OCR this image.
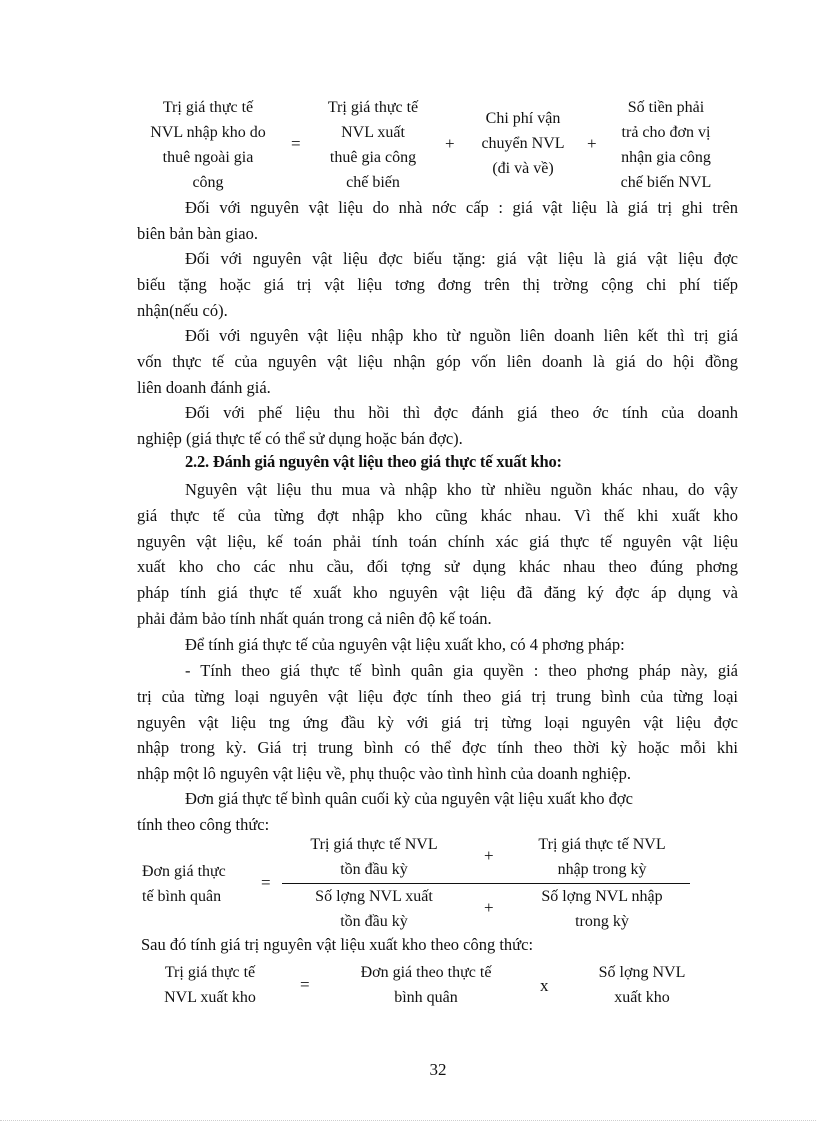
Trị giá thực tế
NVL nhập kho do
thuê ngoài gia
công
=
Trị giá thực tế
NVL xuất
thuê gia công
chế biến
+
Chi phí vận
chuyển NVL
(đi và về)
+
Số tiền phải
trả cho đơn vị
nhận gia công
chế biến NVL
Đối với nguyên vật liệu do nhà nớc cấp : giá vật liệu là giá trị ghi trên
biên bản bàn giao.
Đối với nguyên vật liệu đợc biếu tặng: giá vật liệu là giá vật liệu đợc
biếu tặng hoặc giá trị vật liệu tơng đơng trên thị trờng cộng chi phí tiếp
nhận(nếu có).
Đối với nguyên vật liệu nhập kho từ nguồn liên doanh liên kết thì trị giá
vốn thực tế của nguyên vật liệu nhận góp vốn liên doanh là giá do hội đồng
liên doanh đánh giá.
Đối với phế liệu thu hồi thì đợc đánh giá theo ớc tính của doanh
nghiệp (giá thực tế có thể sử dụng hoặc bán đợc).
2.2. Đánh giá nguyên vật liệu theo giá thực tế xuất kho:
Nguyên vật liệu thu mua và nhập kho từ nhiều nguồn khác nhau, do vậy
giá thực tế của từng đợt nhập kho cũng khác nhau. Vì thế khi xuất kho
nguyên vật liệu, kế toán phải tính toán chính xác giá thực tế nguyên vật liệu
xuất kho cho các nhu cầu, đối tợng sử dụng khác nhau theo đúng phơng
pháp tính giá thực tế xuất kho nguyên vật liệu đã đăng ký đợc áp dụng và
phải đảm bảo tính nhất quán trong cả niên độ kế toán.
Để tính giá thực tế của nguyên vật liệu xuất kho, có 4 phơng pháp:
- Tính theo giá thực tế bình quân gia quyền : theo phơng pháp này, giá
trị của từng loại nguyên vật liệu đợc tính theo giá trị trung bình của từng loại
nguyên vật liệu tng ứng đầu kỳ với giá trị từng loại nguyên vật liệu đợc
nhập trong kỳ. Giá trị trung bình có thể đợc tính theo thời kỳ hoặc mỗi khi
nhập một lô nguyên vật liệu về, phụ thuộc vào tình hình của doanh nghiệp.
Đơn giá thực tế bình quân cuối kỳ của nguyên vật liệu xuất kho đợc
tính theo công thức:
Đơn giá thực
tế bình quân
=
Trị giá thực tế NVL
tồn đầu kỳ
+
Trị giá thực tế NVL
nhập trong kỳ
Số lợng NVL xuất
tồn đầu kỳ
+
Số lợng NVL nhập
trong kỳ
Sau đó tính giá trị nguyên vật liệu xuất kho theo công thức:
Trị giá thực tế
NVL xuất kho
=
Đơn giá theo thực tế
bình quân
x
Số lợng NVL
xuất kho
32
